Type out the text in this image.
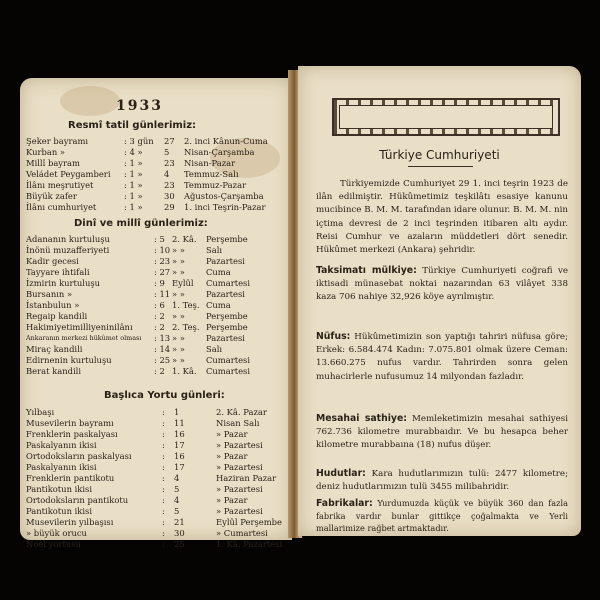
1933
Resmî tatil günlerimiz:
Şeker bayramı	: 3 gün 27 2. inci Kânun-Cuma
Kurban »	: 4 »	5 Nisan-Çarşamba
Millî bayram	: 1 »	23 Nisan-Pazar
Veládet Peygamberi : 1 »	4 Temmuz-Salı
İlânı meşrutiyet	: 1 »	23 Temmuz-Pazar
Büyük zafer	: 1 »	30 Ağustos-Çarşamba
İlânı cumhuriyet	: 1 »	29 1. inci Teşrin-Pazar
Dinî ve millî günlerimiz:
Adananın kurtuluşu	: 5 2. Kâ. Perşembe
İnönü muzafferiyeti	: 10 » »	Salı
Kadir gecesi	: 23 » »	Pazartesi
Tayyare ihtifali	: 27 » »	Cuma
İzmirin kurtuluşu	: 9 Eylûl Cumartesi
Bursanın »	: 11 » »	Pazartesi
İstanbulun »	: 6 1. Teş. Cuma
Regaip kandili	: 2 » »	Perşembe
Hakimiyetimilliyeninilânı	: 2 2. Teş. Perşembe
Ankaranın merkezi hükûmet olması : 13 » »	Pazartesi
Miraç kandili	: 14 » »	Salı
Edirnenin kurtuluşu	: 25 » »	Cumartesi
Berat kandili	: 2 1. Kâ. Cumartesi
Başlıca Yortu günleri:
Yılbaşı	: 1	2. Kâ. Pazar
Musevilerin bayramı	: 11	Nisan Salı
Frenklerin paskalyası	: 16	» Pazar
Paskalyanın ikisi	: 17	» Pazartesi
Ortodoksların paskalyası	: 16	» Pazar
Paskalyanın ikisi	: 17	» Pazartesi
Frenklerin pantikotu	: 4	Haziran Pazar
Pantikotun ikisi	: 5	» Pazartesi
Ortodoksların pantikotu	: 4	» Pazar
Pantikotun ikisi	: 5	» Pazartesi
Musevilerin yılbaşısı	: 21	Eylûl Perşembe
» büyük orucu	: 30	» Cumartesi
Noel yortusu	: 25	1. Kâ. Pazartesi
Türkiye Cumhuriyeti
Türkiyemizde Cumhuriyet 29 1. inci teşrin 1923 de ilân edilmiştir. Hükûmetimiz teşkilâtı esasiye kanunu mucibince B. M. M. tarafından idare olunur. B. M. M. nin içtima devresi de 2 inci teşrinden itibaren altı aydır. Reisi Cumhur ve azaların müddetleri dört senedir. Hükûmet merkezi (Ankara) şehridir.
Taksimatı mülkiye: Türkiye Cumhuriyeti coğrafi ve iktisadi münasebat noktai nazarından 63 vilâyet 338 kaza 706 nahiye 32,926 köye ayrılmıştır.
Nüfus: Hükûmetimizin son yaptığı tahriri nüfusa göre; Erkek: 6.584.474 Kadın: 7.075.801 olmak üzere Ceman: 13.660.275 nufus vardır. Tahrirden sonra gelen muhacirlerle nufusumuz 14 milyondan fazladır.
Mesahai sathiye: Memleketimizin mesahai sathiyesi 762.736 kilometre murabbaıdır. Ve bu hesapca beher kilometre murabbaına (18) nufus düşer.
Hudutlar: Kara hudutlarımızın tulü: 2477 kilometre; deniz hudutlarımızın tulü 3455 milibahridir.
Fabrikalar: Yurdumuzda küçük ve büyük 360 dan fazla fabrika vardır bunlar gittikçe çoğalmakta ve Yerli mallarimize rağbet artmaktadır.
